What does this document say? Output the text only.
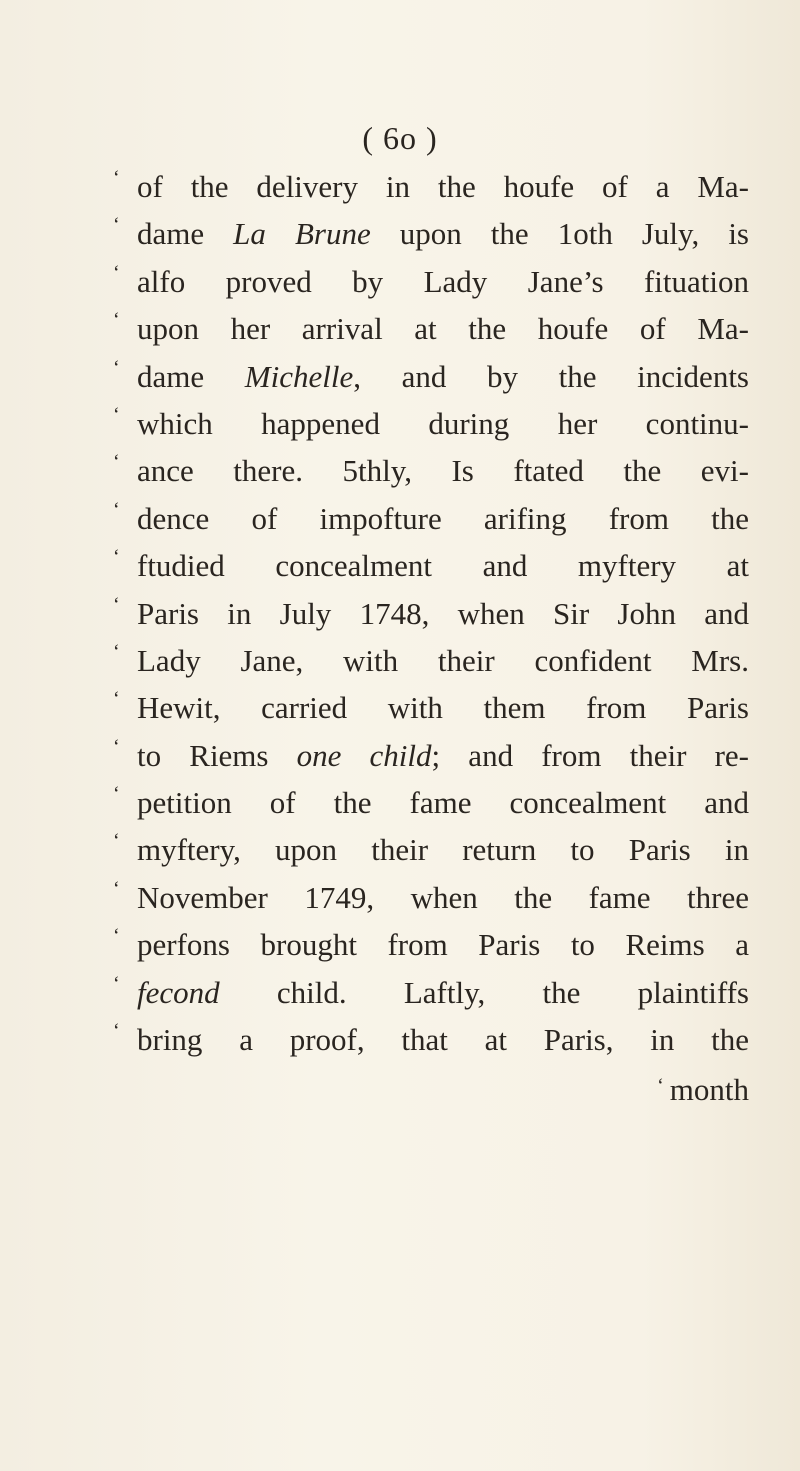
( 6o )
‘ of the delivery in the houfe of a Ma-
‘ dame La Brune upon the 1oth July, is
‘ alfo proved by Lady Jane’s fituation
‘ upon her arrival at the houfe of Ma-
‘ dame Michelle, and by the incidents
‘ which happened during her continu-
‘ ance there. 5thly, Is ftated the evi-
‘ dence of impofture arifing from the
‘ ftudied concealment and myftery at
‘ Paris in July 1748, when Sir John and
‘ Lady Jane, with their confident Mrs.
‘ Hewit, carried with them from Paris
‘ to Riems one child; and from their re-
‘ petition of the fame concealment and
‘ myftery, upon their return to Paris in
‘ November 1749, when the fame three
‘ perfons brought from Paris to Reims a
‘ fecond child. Laftly, the plaintiffs
‘ bring a proof, that at Paris, in the
‘ month
